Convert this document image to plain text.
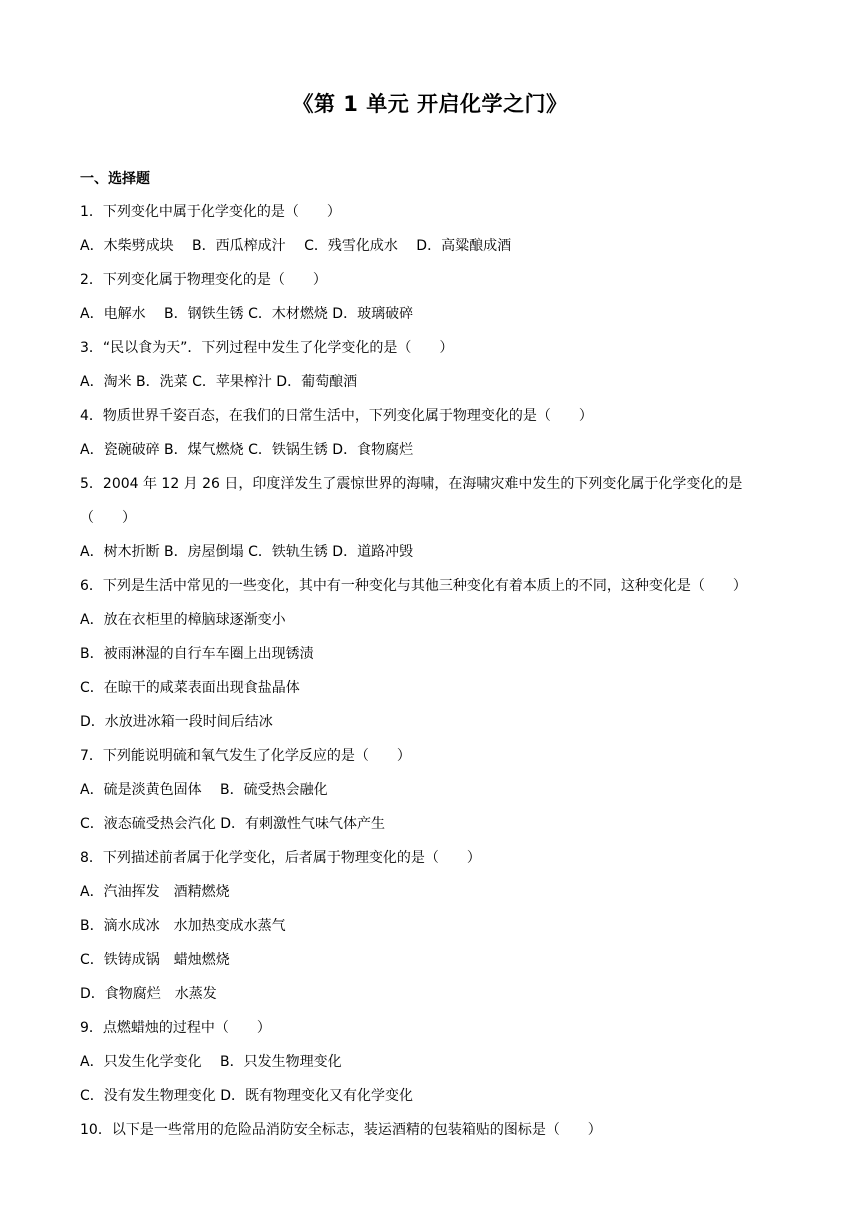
《第 1 单元 开启化学之门》
一、选择题
1．下列变化中属于化学变化的是（　　）
A．木柴劈成块　 B．西瓜榨成汁　 C．残雪化成水　 D．高粱酿成酒
2．下列变化属于物理变化的是（　　）
A．电解水　 B．钢铁生锈 C．木材燃烧 D．玻璃破碎
3．“民以食为天”．下列过程中发生了化学变化的是（　　）
A．淘米 B．洗菜 C．苹果榨汁 D．葡萄酿酒
4．物质世界千姿百态，在我们的日常生活中，下列变化属于物理变化的是（　　）
A．瓷碗破碎 B．煤气燃烧 C．铁锅生锈 D．食物腐烂
5．2004 年 12 月 26 日，印度洋发生了震惊世界的海啸，在海啸灾难中发生的下列变化属于化学变化的是
（　　）
A．树木折断 B．房屋倒塌 C．铁轨生锈 D．道路冲毁
6．下列是生活中常见的一些变化，其中有一种变化与其他三种变化有着本质上的不同，这种变化是（　　）
A．放在衣柜里的樟脑球逐渐变小
B．被雨淋湿的自行车车圈上出现锈渍
C．在晾干的咸菜表面出现食盐晶体
D．水放进冰箱一段时间后结冰
7．下列能说明硫和氧气发生了化学反应的是（　　）
A．硫是淡黄色固体　 B．硫受热会融化
C．液态硫受热会汽化 D．有刺激性气味气体产生
8．下列描述前者属于化学变化，后者属于物理变化的是（　　）
A．汽油挥发　酒精燃烧
B．滴水成冰　水加热变成水蒸气
C．铁铸成锅　蜡烛燃烧
D．食物腐烂　水蒸发
9．点燃蜡烛的过程中（　　）
A．只发生化学变化　 B．只发生物理变化
C．没有发生物理变化 D．既有物理变化又有化学变化
10．以下是一些常用的危险品消防安全标志，装运酒精的包装箱贴的图标是（　　）
